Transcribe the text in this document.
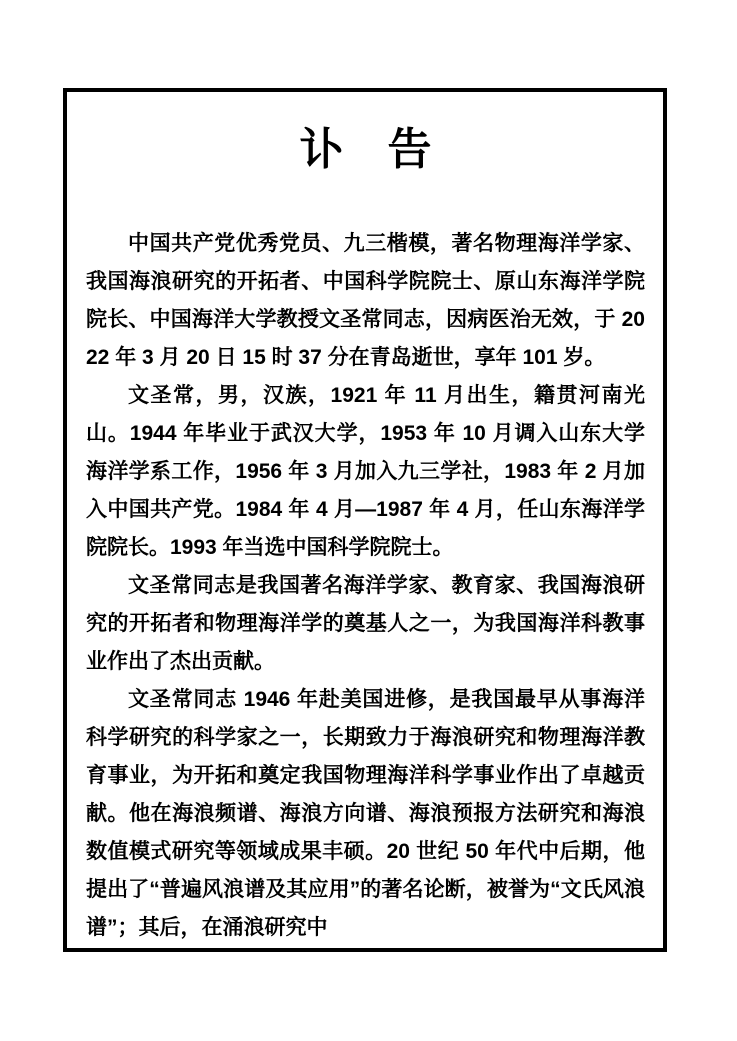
讣　告

中国共产党优秀党员、九三楷模，著名物理海洋学家、我国海浪研究的开拓者、中国科学院院士、原山东海洋学院院长、中国海洋大学教授文圣常同志，因病医治无效，于 2022 年 3 月 20 日 15 时 37 分在青岛逝世，享年 101 岁。

文圣常，男，汉族，1921 年 11 月出生，籍贯河南光山。1944 年毕业于武汉大学，1953 年 10 月调入山东大学海洋学系工作，1956 年 3 月加入九三学社，1983 年 2 月加入中国共产党。1984 年 4 月—1987 年 4 月，任山东海洋学院院长。1993 年当选中国科学院院士。

文圣常同志是我国著名海洋学家、教育家、我国海浪研究的开拓者和物理海洋学的奠基人之一，为我国海洋科教事业作出了杰出贡献。

文圣常同志 1946 年赴美国进修，是我国最早从事海洋科学研究的科学家之一，长期致力于海浪研究和物理海洋教育事业，为开拓和奠定我国物理海洋科学事业作出了卓越贡献。他在海浪频谱、海浪方向谱、海浪预报方法研究和海浪数值模式研究等领域成果丰硕。20 世纪 50 年代中后期，他提出了“普遍风浪谱及其应用”的著名论断，被誉为“文氏风浪谱”；其后，在涌浪研究中
